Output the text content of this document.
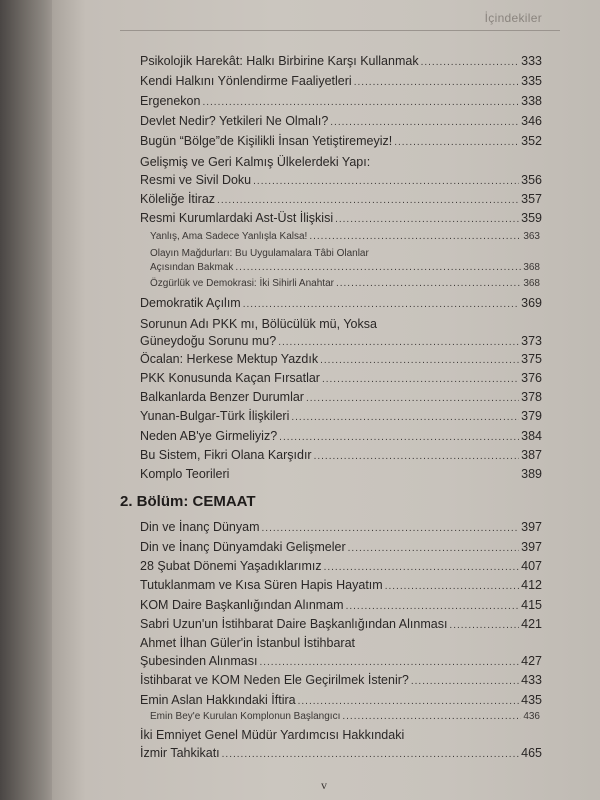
İçindekiler
Psikolojik Harekât: Halkı Birbirine Karşı Kullanmak .....	333
Kendi Halkını Yönlendirme Faaliyetleri .....	335
Ergenekon .....	338
Devlet Nedir? Yetkileri Ne Olmalı? .....	346
Bugün “Bölge”de Kişilikli İnsan Yetiştiremeyiz! .....	352
Gelişmiş ve Geri Kalmış Ülkelerdeki Yapı:
Resmi ve Sivil Doku .....	356
Köleliğe İtiraz .....	357
Resmi Kurumlardaki Ast-Üst İlişkisi .....	359
Yanlış, Ama Sadece Yanlışla Kalsa! .....	363
Olayın Mağdurları: Bu Uygulamalara Tâbi Olanlar
Açısından Bakmak .....	368
Özgürlük ve Demokrasi: İki Sihirli Anahtar .....	368
Demokratik Açılım .....	369
Sorunun Adı PKK mı, Bölücülük mü, Yoksa
Güneydoğu Sorunu mu? .....	373
Öcalan: Herkese Mektup Yazdık .....	375
PKK Konusunda Kaçan Fırsatlar .....	376
Balkanlarda Benzer Durumlar .....	378
Yunan-Bulgar-Türk İlişkileri .....	379
Neden AB'ye Girmeliyiz? .....	384
Bu Sistem, Fikri Olana Karşıdır .....	387
Komplo Teorileri	389
2. Bölüm: CEMAAT
Din ve İnanç Dünyam .....	397
Din ve İnanç Dünyamdaki Gelişmeler .....	397
28 Şubat Dönemi Yaşadıklarımız .....	407
Tutuklanmam ve Kısa Süren Hapis Hayatım .....	412
KOM Daire Başkanlığından Alınmam .....	415
Sabri Uzun'un İstihbarat Daire Başkanlığından Alınması .....	421
Ahmet İlhan Güler'in İstanbul İstihbarat
Şubesinden Alınması .....	427
İstihbarat ve KOM Neden Ele Geçirilmek İstenir? .....	433
Emin Aslan Hakkındaki İftira .....	435
Emin Bey'e Kurulan Komplonun Başlangıcı .....	436
İki Emniyet Genel Müdür Yardımcısı Hakkındaki
İzmir Tahkikatı .....	465
v
